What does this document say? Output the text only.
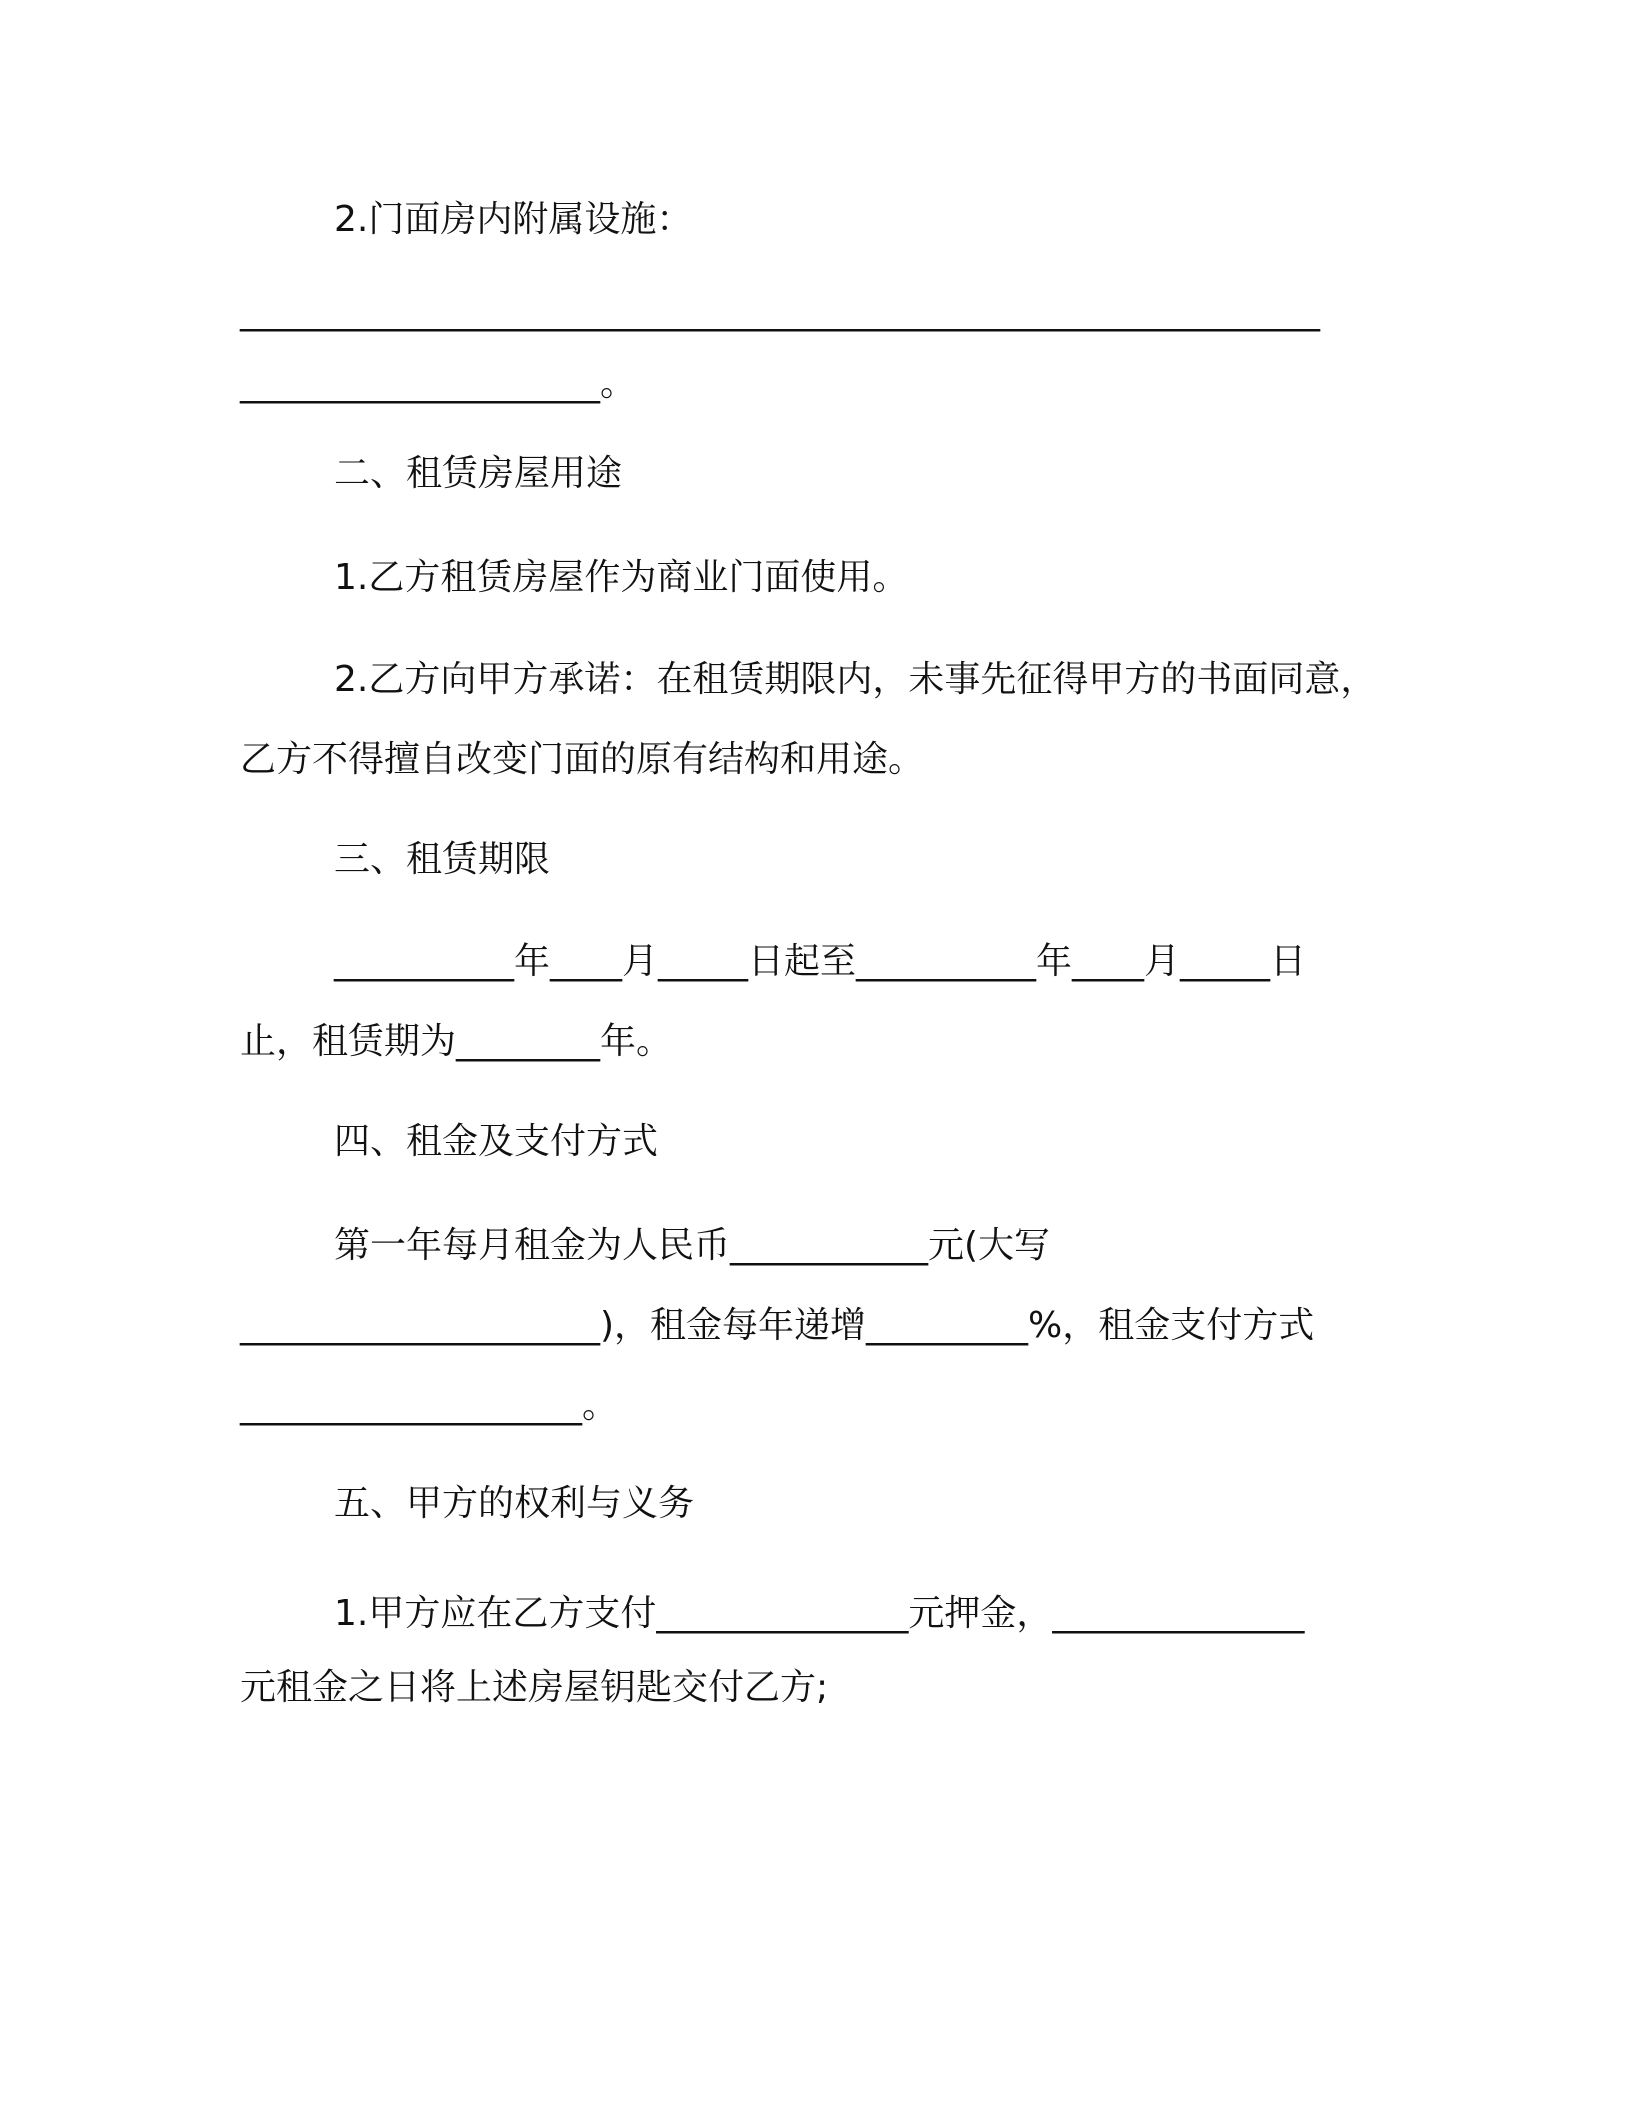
2.门面房内附属设施：
____________________________________________________________
____________________。
二、租赁房屋用途
1.乙方租赁房屋作为商业门面使用。
2.乙方向甲方承诺：在租赁期限内，未事先征得甲方的书面同意，
乙方不得擅自改变门面的原有结构和用途。
三、租赁期限
__________年____月_____日起至__________年____月_____日
止，租赁期为________年。
四、租金及支付方式
第一年每月租金为人民币___________元(大写
____________________)，租金每年递增_________%，租金支付方式
___________________。
五、甲方的权利与义务
1.甲方应在乙方支付______________元押金，______________
元租金之日将上述房屋钥匙交付乙方;
